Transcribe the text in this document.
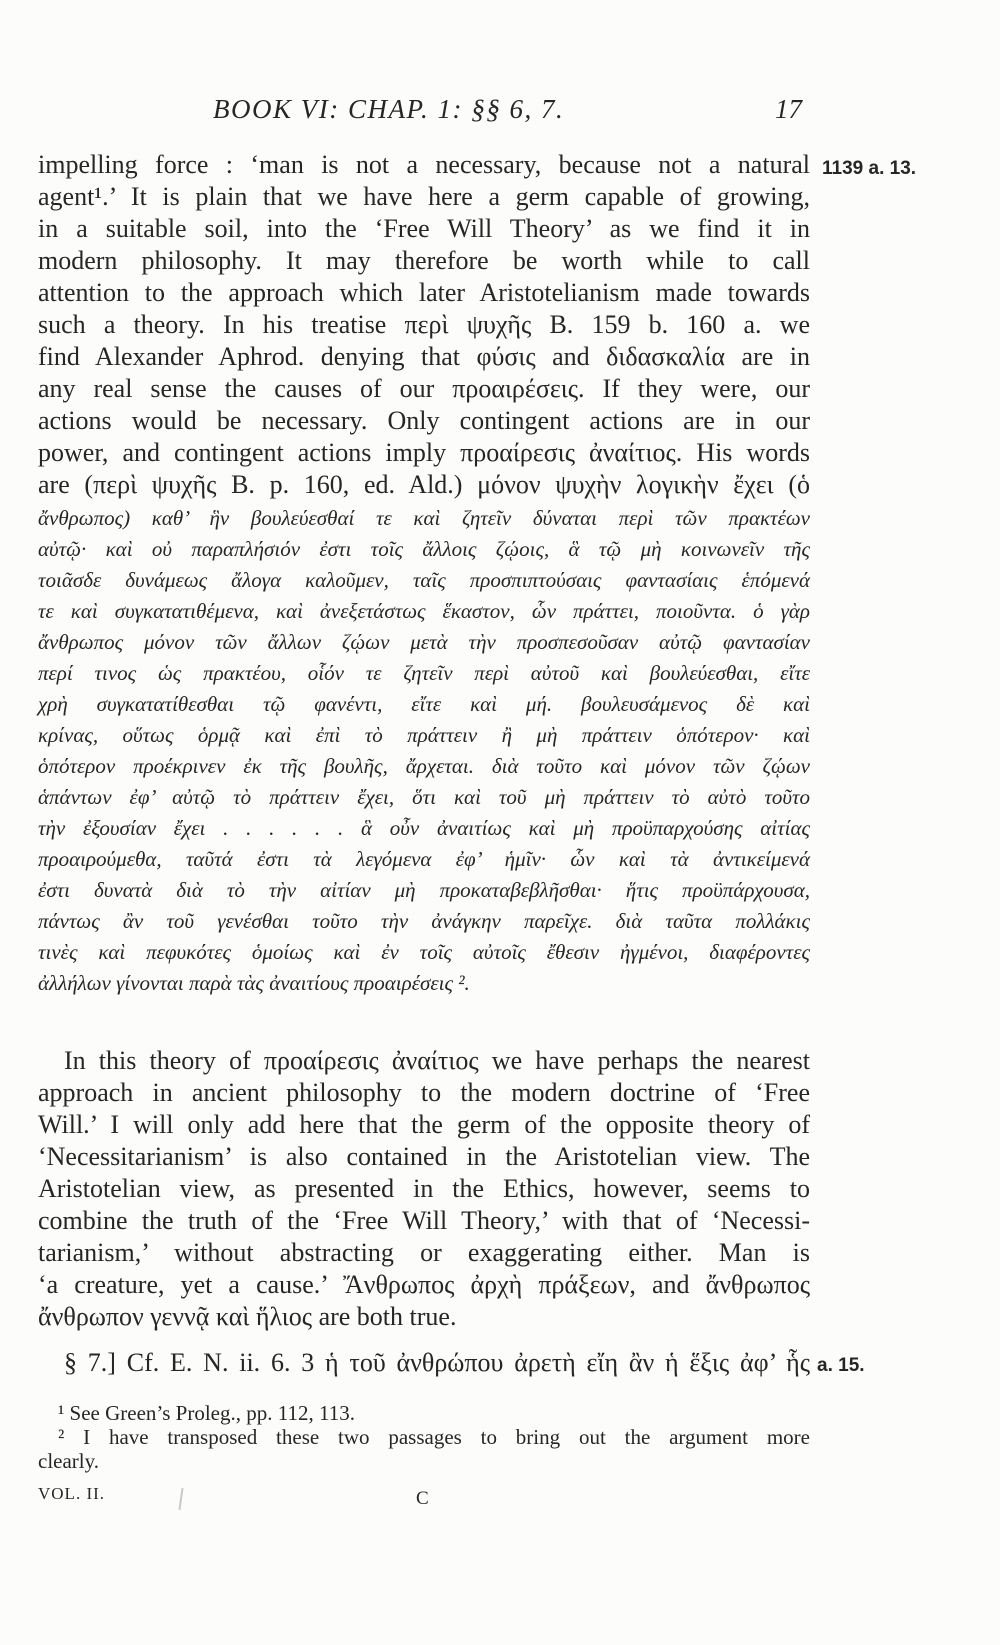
BOOK VI: CHAP. 1: §§ 6, 7.	17
impelling force : ‘man is not a necessary, because not a natural
agent¹.’ It is plain that we have here a germ capable of growing,
in a suitable soil, into the ‘Free Will Theory’ as we find it in
modern philosophy. It may therefore be worth while to call
attention to the approach which later Aristotelianism made towards
such a theory. In his treatise περὶ ψυχῆς B. 159 b. 160 a. we
find Alexander Aphrod. denying that φύσις and διδασκαλία are in
any real sense the causes of our προαιρέσεις. If they were, our
actions would be necessary. Only contingent actions are in our
power, and contingent actions imply προαίρεσις ἀναίτιος. His words
are (περὶ ψυχῆς B. p. 160, ed. Ald.) μόνον ψυχὴν λογικὴν ἔχει (ὁ
ἄνθρωπος) καθ’ ἣν βουλεύεσθαί τε καὶ ζητεῖν δύναται περὶ τῶν πρακτέων
αὐτῷ· καὶ οὐ παραπλήσιόν ἐστι τοῖς ἄλλοις ζῴοις, ἃ τῷ μὴ κοινωνεῖν τῆς
τοιᾶσδε δυνάμεως ἄλογα καλοῦμεν, ταῖς προσπιπτούσαις φαντασίαις ἑπόμενά
τε καὶ συγκατατιθέμενα, καὶ ἀνεξετάστως ἕκαστον, ὧν πράττει, ποιοῦντα. ὁ γὰρ
ἄνθρωπος μόνον τῶν ἄλλων ζῴων μετὰ τὴν προσπεσοῦσαν αὐτῷ φαντασίαν
περί τινος ὡς πρακτέου, οἷόν τε ζητεῖν περὶ αὐτοῦ καὶ βουλεύεσθαι, εἴτε
χρὴ συγκατατίθεσθαι τῷ φανέντι, εἴτε καὶ μή. βουλευσάμενος δὲ καὶ
κρίνας, οὕτως ὁρμᾷ καὶ ἐπὶ τὸ πράττειν ἢ μὴ πράττειν ὁπότερον· καὶ
ὁπότερον προέκρινεν ἐκ τῆς βουλῆς, ἄρχεται. διὰ τοῦτο καὶ μόνον τῶν ζῴων
ἁπάντων ἐφ’ αὐτῷ τὸ πράττειν ἔχει, ὅτι καὶ τοῦ μὴ πράττειν τὸ αὐτὸ τοῦτο
τὴν ἐξουσίαν ἔχει . . . . . . ἃ οὖν ἀναιτίως καὶ μὴ προϋπαρχούσης αἰτίας
προαιρούμεθα, ταῦτά ἐστι τὰ λεγόμενα ἐφ’ ἡμῖν· ὧν καὶ τὰ ἀντικείμενά
ἐστι δυνατὰ διὰ τὸ τὴν αἰτίαν μὴ προκαταβεβλῆσθαι· ἥτις προϋπάρχουσα,
πάντως ἂν τοῦ γενέσθαι τοῦτο τὴν ἀνάγκην παρεῖχε. διὰ ταῦτα πολλάκις
τινὲς καὶ πεφυκότες ὁμοίως καὶ ἐν τοῖς αὐτοῖς ἔθεσιν ἠγμένοι, διαφέροντες
ἀλλήλων γίνονται παρὰ τὰς ἀναιτίους προαιρέσεις ².
In this theory of προαίρεσις ἀναίτιος we have perhaps the nearest
approach in ancient philosophy to the modern doctrine of ‘Free
Will.’ I will only add here that the germ of the opposite theory of
‘Necessitarianism’ is also contained in the Aristotelian view. The
Aristotelian view, as presented in the Ethics, however, seems to
combine the truth of the ‘Free Will Theory,’ with that of ‘Necessi-
tarianism,’ without abstracting or exaggerating either. Man is
‘a creature, yet a cause.’ Ἄνθρωπος ἀρχὴ πράξεων, and ἄνθρωπος
ἄνθρωπον γεννᾷ καὶ ἥλιος are both true.
§ 7.] Cf. E. N. ii. 6. 3 ἡ τοῦ ἀνθρώπου ἀρετὴ εἴη ἂν ἡ ἕξις ἀφ’ ἧς
1139 a. 13.
a. 15.
¹ See Green’s Proleg., pp. 112, 113.
² I have transposed these two passages to bring out the argument more
clearly.
VOL. II.	C
